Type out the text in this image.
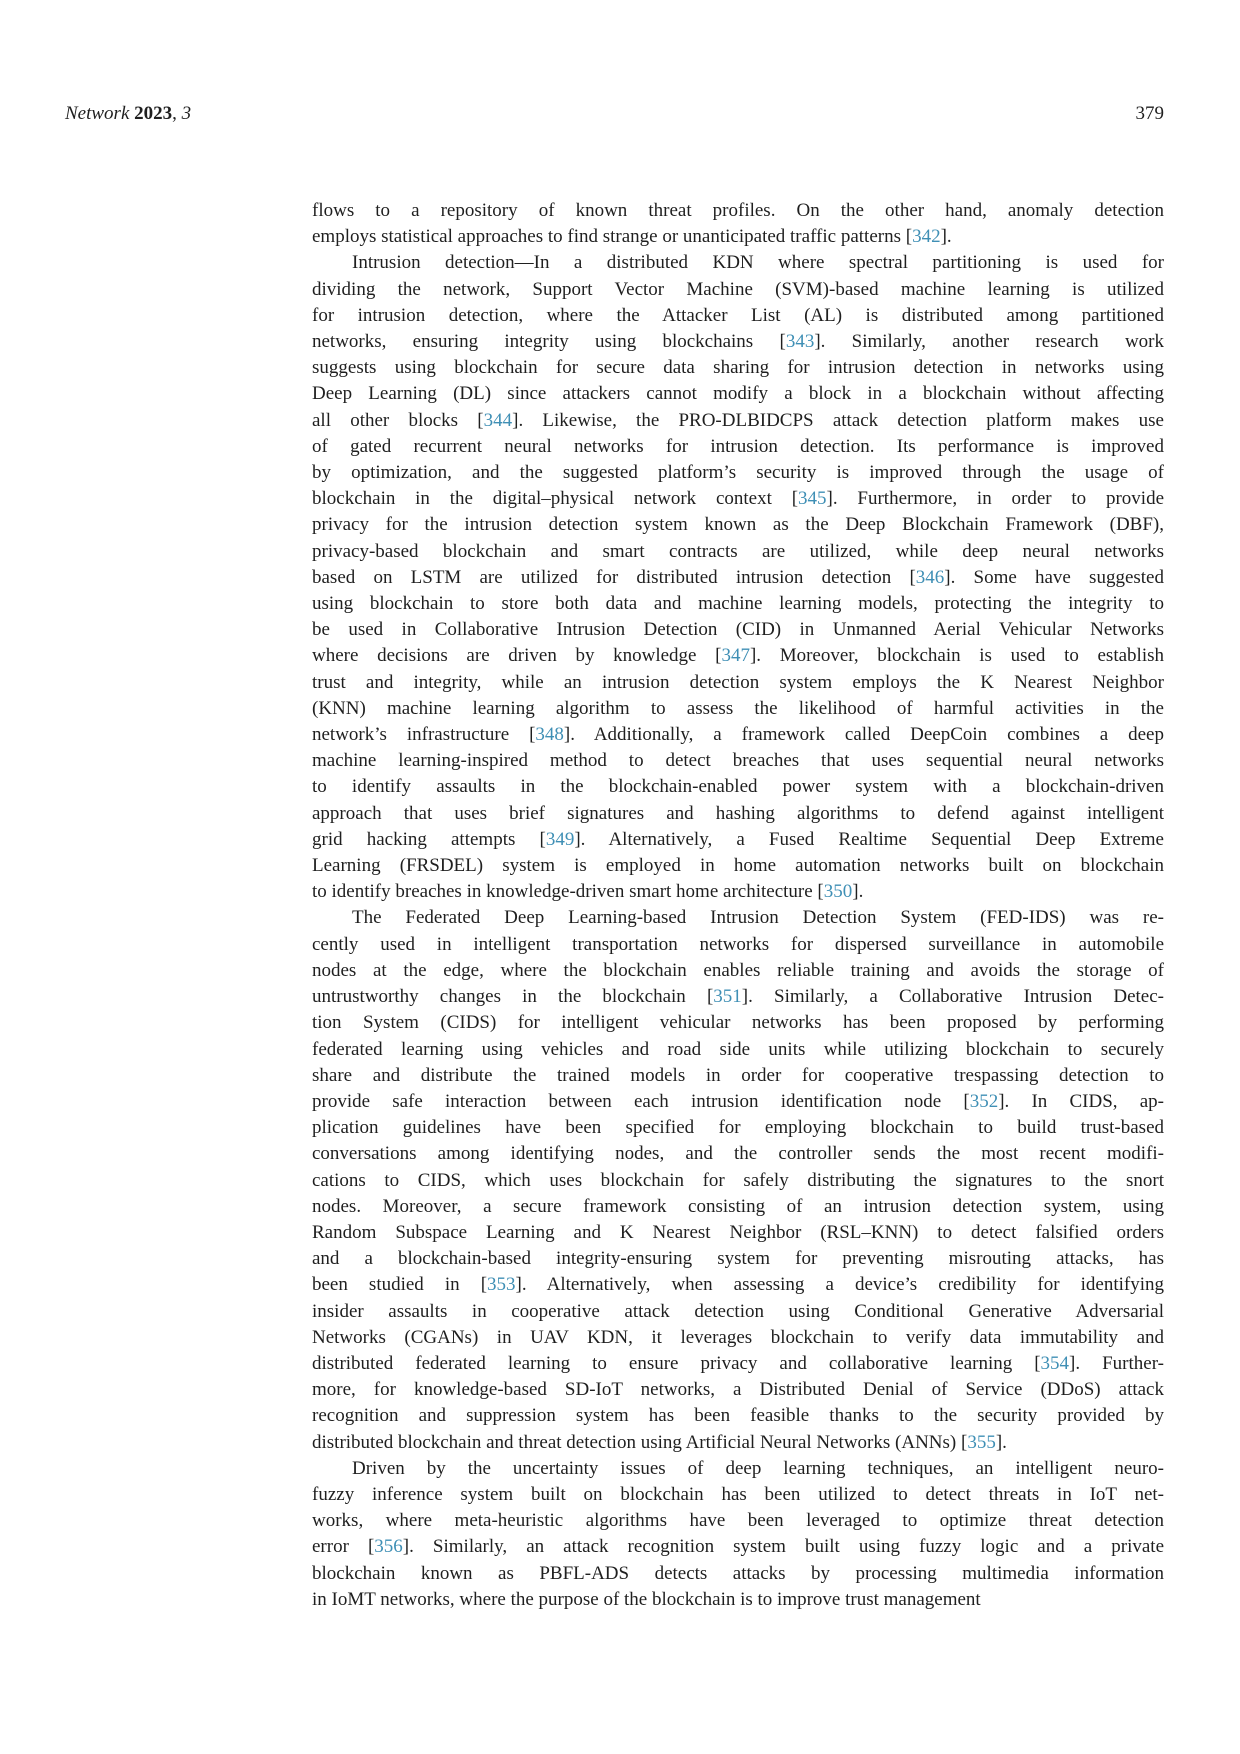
Network 2023, 3	379
flows to a repository of known threat profiles. On the other hand, anomaly detection
employs statistical approaches to find strange or unanticipated traffic patterns [342].
Intrusion detection—In a distributed KDN where spectral partitioning is used for
dividing the network, Support Vector Machine (SVM)-based machine learning is utilized
for intrusion detection, where the Attacker List (AL) is distributed among partitioned
networks, ensuring integrity using blockchains [343]. Similarly, another research work
suggests using blockchain for secure data sharing for intrusion detection in networks using
Deep Learning (DL) since attackers cannot modify a block in a blockchain without affecting
all other blocks [344]. Likewise, the PRO-DLBIDCPS attack detection platform makes use
of gated recurrent neural networks for intrusion detection. Its performance is improved
by optimization, and the suggested platform’s security is improved through the usage of
blockchain in the digital–physical network context [345]. Furthermore, in order to provide
privacy for the intrusion detection system known as the Deep Blockchain Framework (DBF),
privacy-based blockchain and smart contracts are utilized, while deep neural networks
based on LSTM are utilized for distributed intrusion detection [346]. Some have suggested
using blockchain to store both data and machine learning models, protecting the integrity to
be used in Collaborative Intrusion Detection (CID) in Unmanned Aerial Vehicular Networks
where decisions are driven by knowledge [347]. Moreover, blockchain is used to establish
trust and integrity, while an intrusion detection system employs the K Nearest Neighbor
(KNN) machine learning algorithm to assess the likelihood of harmful activities in the
network’s infrastructure [348]. Additionally, a framework called DeepCoin combines a deep
machine learning-inspired method to detect breaches that uses sequential neural networks
to identify assaults in the blockchain-enabled power system with a blockchain-driven
approach that uses brief signatures and hashing algorithms to defend against intelligent
grid hacking attempts [349]. Alternatively, a Fused Realtime Sequential Deep Extreme
Learning (FRSDEL) system is employed in home automation networks built on blockchain
to identify breaches in knowledge-driven smart home architecture [350].
The Federated Deep Learning-based Intrusion Detection System (FED-IDS) was re-
cently used in intelligent transportation networks for dispersed surveillance in automobile
nodes at the edge, where the blockchain enables reliable training and avoids the storage of
untrustworthy changes in the blockchain [351]. Similarly, a Collaborative Intrusion Detec-
tion System (CIDS) for intelligent vehicular networks has been proposed by performing
federated learning using vehicles and road side units while utilizing blockchain to securely
share and distribute the trained models in order for cooperative trespassing detection to
provide safe interaction between each intrusion identification node [352]. In CIDS, ap-
plication guidelines have been specified for employing blockchain to build trust-based
conversations among identifying nodes, and the controller sends the most recent modifi-
cations to CIDS, which uses blockchain for safely distributing the signatures to the snort
nodes. Moreover, a secure framework consisting of an intrusion detection system, using
Random Subspace Learning and K Nearest Neighbor (RSL–KNN) to detect falsified orders
and a blockchain-based integrity-ensuring system for preventing misrouting attacks, has
been studied in [353]. Alternatively, when assessing a device’s credibility for identifying
insider assaults in cooperative attack detection using Conditional Generative Adversarial
Networks (CGANs) in UAV KDN, it leverages blockchain to verify data immutability and
distributed federated learning to ensure privacy and collaborative learning [354]. Further-
more, for knowledge-based SD-IoT networks, a Distributed Denial of Service (DDoS) attack
recognition and suppression system has been feasible thanks to the security provided by
distributed blockchain and threat detection using Artificial Neural Networks (ANNs) [355].
Driven by the uncertainty issues of deep learning techniques, an intelligent neuro-
fuzzy inference system built on blockchain has been utilized to detect threats in IoT net-
works, where meta-heuristic algorithms have been leveraged to optimize threat detection
error [356]. Similarly, an attack recognition system built using fuzzy logic and a private
blockchain known as PBFL-ADS detects attacks by processing multimedia information
in IoMT networks, where the purpose of the blockchain is to improve trust management
